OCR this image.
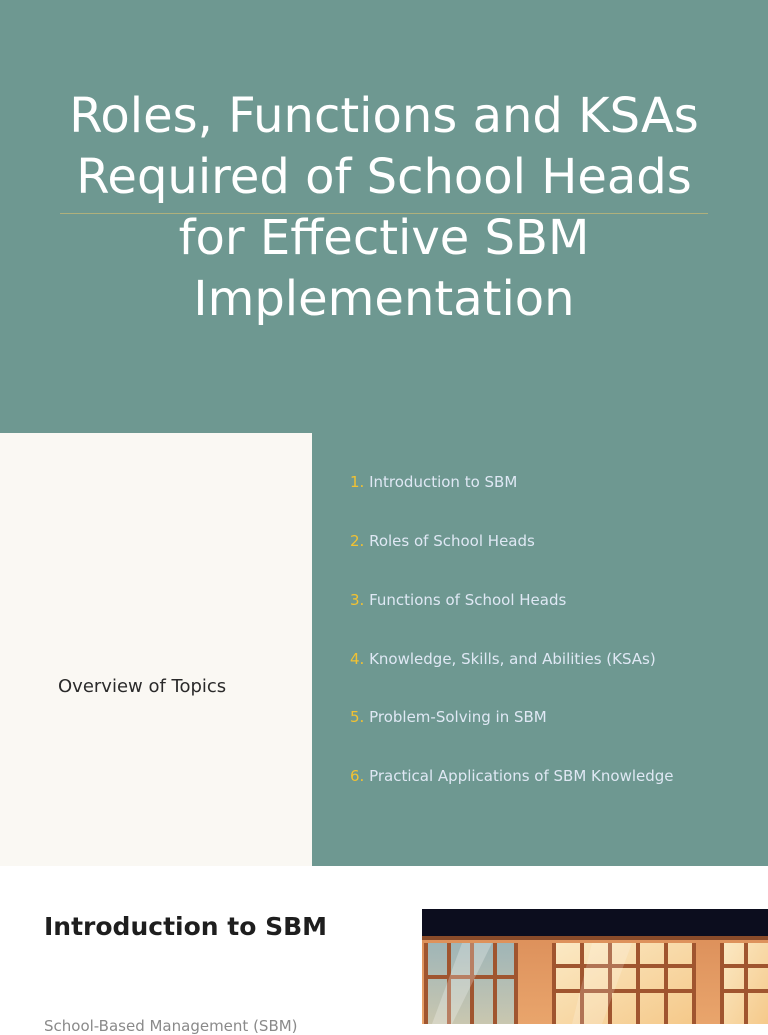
Roles, Functions and KSAs Required of School Heads for Effective SBM Implementation
Overview of Topics
1. Introduction to SBM
2. Roles of School Heads
3. Functions of School Heads
4. Knowledge, Skills, and Abilities (KSAs)
5. Problem-Solving in SBM
6. Practical Applications of SBM Knowledge
Introduction to SBM

School-Based Management (SBM)
